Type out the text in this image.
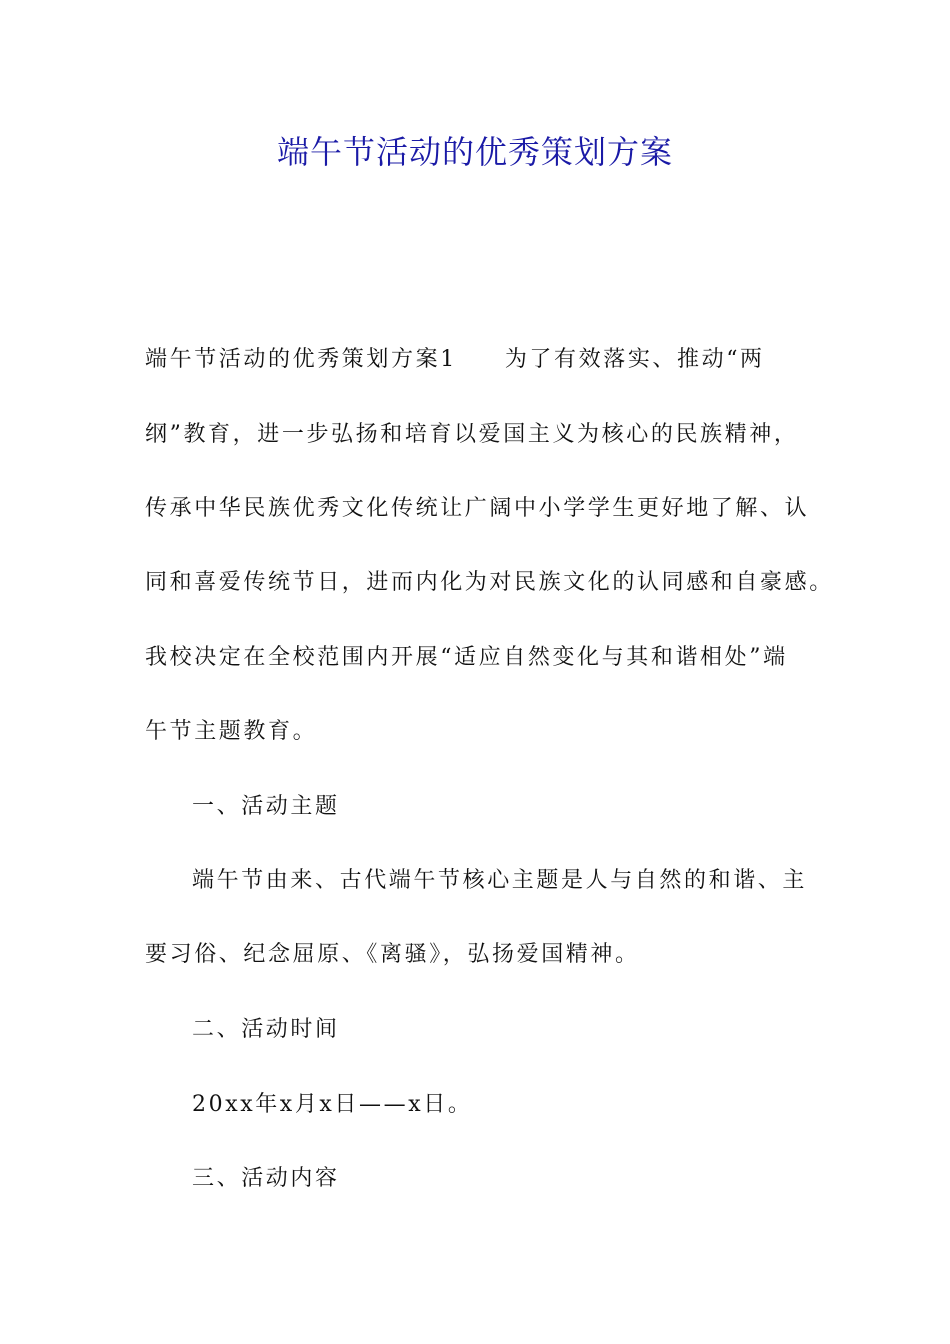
端午节活动的优秀策划方案
端午节活动的优秀策划方案1 为了有效落实、推动“两
纲”教育，进一步弘扬和培育以爱国主义为核心的民族精神，
传承中华民族优秀文化传统让广阔中小学学生更好地了解、认
同和喜爱传统节日，进而内化为对民族文化的认同感和自豪感。
我校决定在全校范围内开展“适应自然变化与其和谐相处”端
午节主题教育。
一、活动主题
端午节由来、古代端午节核心主题是人与自然的和谐、主
要习俗、纪念屈原、《离骚》，弘扬爱国精神。
二、活动时间
20xx年x月x日——x日。
三、活动内容
